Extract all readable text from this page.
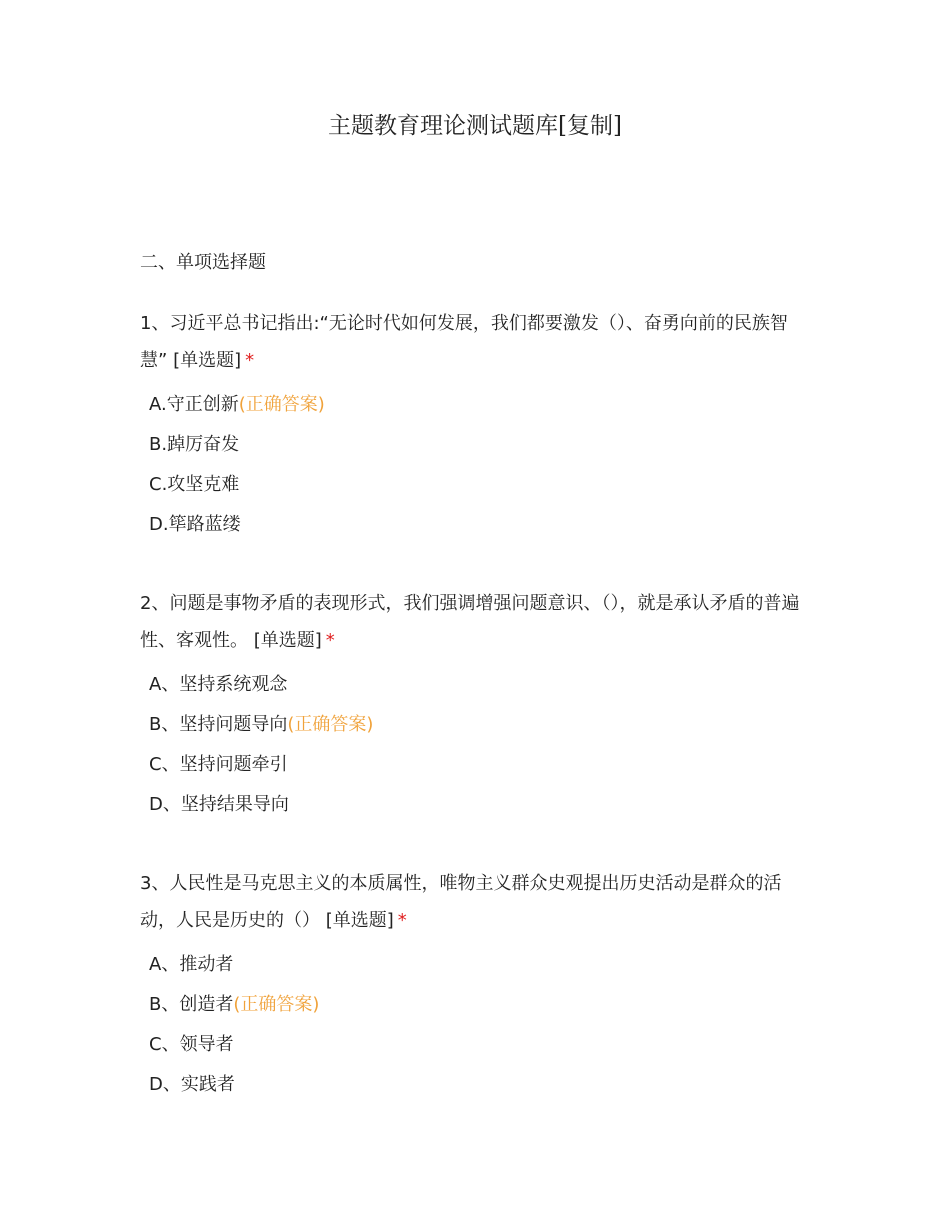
主题教育理论测试题库[复制]
二、单项选择题

1、习近平总书记指出:“无论时代如何发展，我们都要激发（）、奋勇向前的民族智慧” [单选题] *

A.守正创新(正确答案)
B.踔厉奋发
C.攻坚克难
D.筚路蓝缕

2、问题是事物矛盾的表现形式，我们强调增强问题意识、（），就是承认矛盾的普遍性、客观性。 [单选题] *

A、坚持系统观念
B、坚持问题导向(正确答案)
C、坚持问题牵引
D、坚持结果导向

3、人民性是马克思主义的本质属性，唯物主义群众史观提出历史活动是群众的活动，人民是历史的（） [单选题] *

A、推动者
B、创造者(正确答案)
C、领导者
D、实践者
